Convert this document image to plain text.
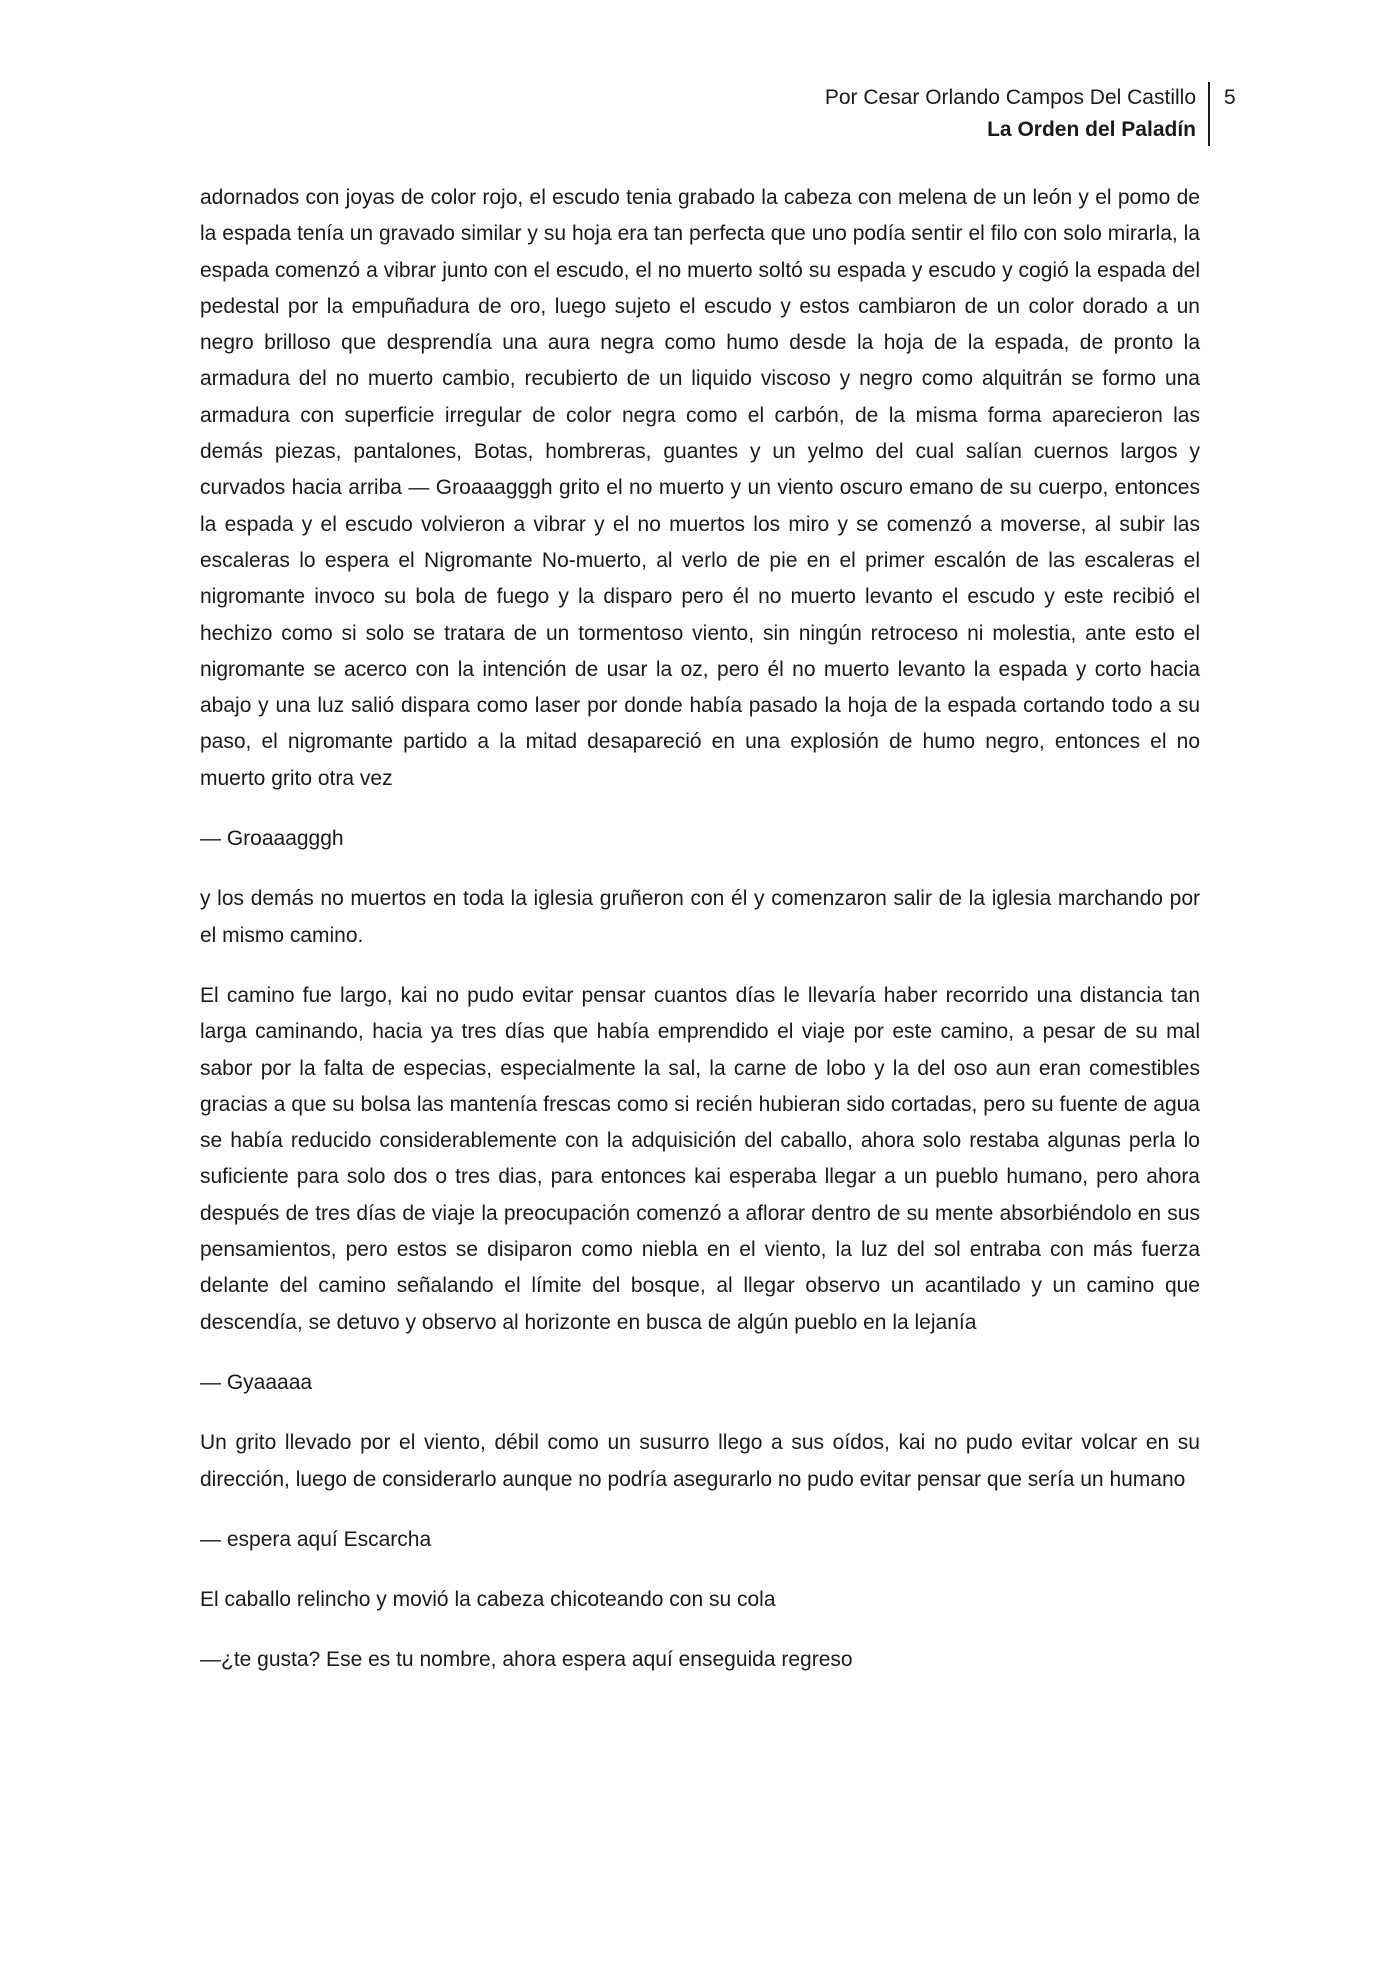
Por Cesar Orlando Campos Del Castillo
La Orden del Paladín
5

adornados con joyas de color rojo, el escudo tenia grabado la cabeza con melena de un león y el pomo de la espada tenía un gravado similar y su hoja era tan perfecta que uno podía sentir el filo con solo mirarla, la espada comenzó a vibrar junto con el escudo, el no muerto soltó su espada y escudo y cogió la espada del pedestal por la empuñadura de oro, luego sujeto el escudo y estos cambiaron de un color dorado a un negro brilloso que desprendía una aura negra como humo desde la hoja de la espada, de pronto la armadura del no muerto cambio, recubierto de un liquido viscoso y negro como alquitrán se formo una armadura con superficie irregular de color negra como el carbón, de la misma forma aparecieron las demás piezas, pantalones, Botas, hombreras, guantes y un yelmo del cual salían cuernos largos y curvados hacia arriba — Groaaagggh grito el no muerto y un viento oscuro emano de su cuerpo, entonces la espada y el escudo volvieron a vibrar y el no muertos los miro y se comenzó a moverse, al subir las escaleras lo espera el Nigromante No-muerto, al verlo de pie en el primer escalón de las escaleras el nigromante invoco su bola de fuego y la disparo pero él no muerto levanto el escudo y este recibió el hechizo como si solo se tratara de un tormentoso viento, sin ningún retroceso ni molestia, ante esto el nigromante se acerco con la intención de usar la oz, pero él no muerto levanto la espada y corto hacia abajo y una luz salió dispara como laser por donde había pasado la hoja de la espada cortando todo a su paso, el nigromante partido a la mitad desapareció en una explosión de humo negro, entonces el no muerto grito otra vez

— Groaaagggh

y los demás no muertos en toda la iglesia gruñeron con él y comenzaron salir de la iglesia marchando por el mismo camino.

El camino fue largo, kai no pudo evitar pensar cuantos días le llevaría haber recorrido una distancia tan larga caminando, hacia ya tres días que había emprendido el viaje por este camino, a pesar de su mal sabor por la falta de especias, especialmente la sal, la carne de lobo y la del oso aun eran comestibles gracias a que su bolsa las mantenía frescas como si recién hubieran sido cortadas, pero su fuente de agua se había reducido considerablemente con la adquisición del caballo, ahora solo restaba algunas perla lo suficiente para solo dos o tres dias, para entonces kai esperaba llegar a un pueblo humano, pero ahora después de tres días de viaje la preocupación comenzó a aflorar dentro de su mente absorbiéndolo en sus pensamientos, pero estos se disiparon como niebla en el viento, la luz del sol entraba con más fuerza delante del camino señalando el límite del bosque, al llegar observo un acantilado y un camino que descendía, se detuvo y observo al horizonte en busca de algún pueblo en la lejanía

— Gyaaaaa

Un grito llevado por el viento, débil como un susurro llego a sus oídos, kai no pudo evitar volcar en su dirección, luego de considerarlo aunque no podría asegurarlo no pudo evitar pensar que sería un humano

— espera aquí Escarcha

El caballo relincho y movió la cabeza chicoteando con su cola

—¿te gusta? Ese es tu nombre, ahora espera aquí enseguida regreso
